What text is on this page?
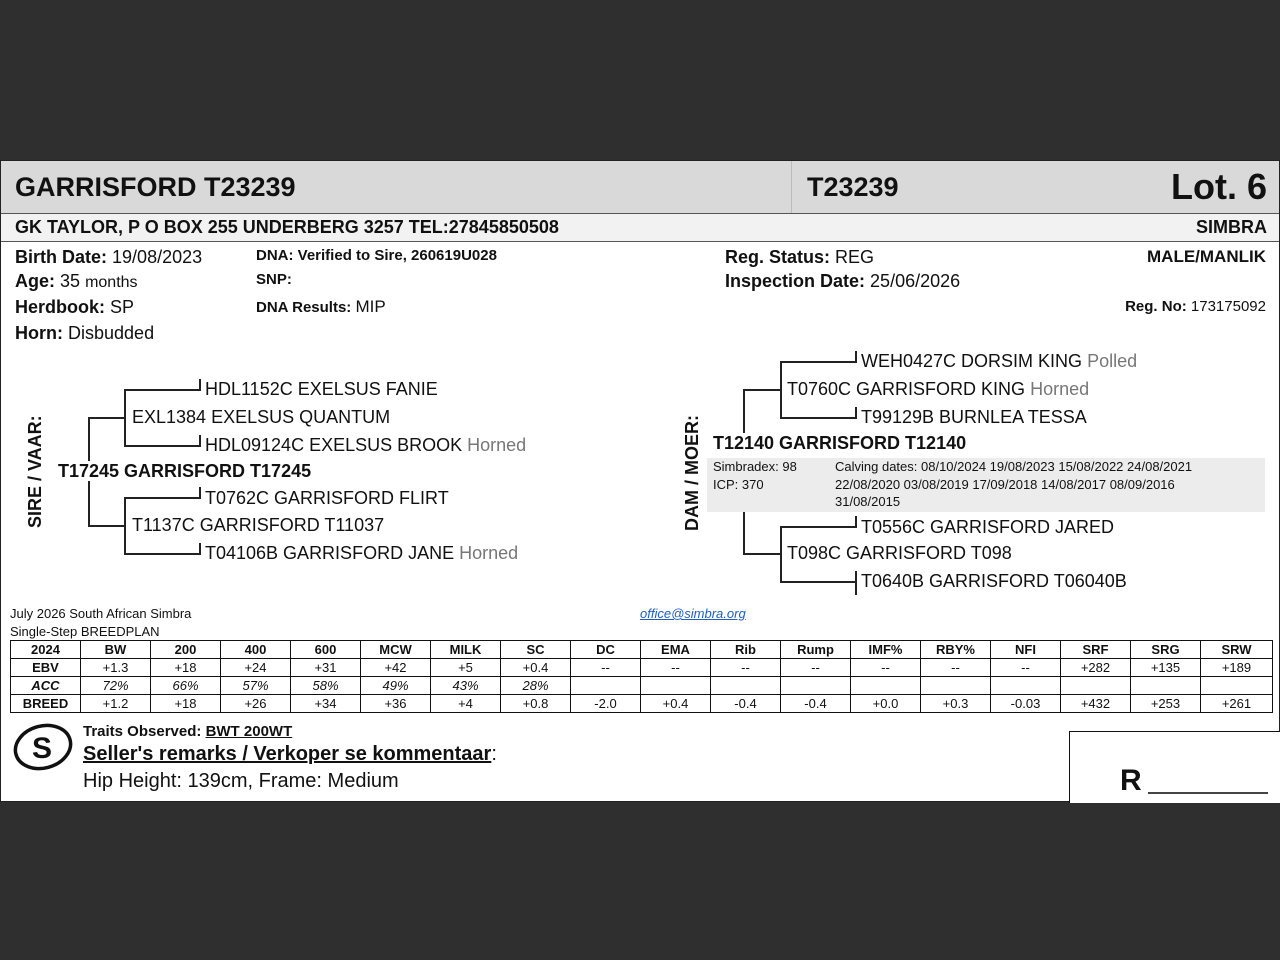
GARRISFORD T23239	T23239	Lot. 6
GK TAYLOR, P O BOX 255 UNDERBERG 3257 TEL:27845850508	SIMBRA
Birth Date: 19/08/2023
Age: 35 months
Herdbook: SP
Horn: Disbudded
DNA: Verified to Sire, 260619U028
SNP:
DNA Results: MIP
Reg. Status: REG
Inspection Date: 25/06/2026
MALE/MANLIK
Reg. No: 173175092
SIRE / VAAR:
HDL1152C EXELSUS FANIE
EXL1384 EXELSUS QUANTUM
HDL09124C EXELSUS BROOK Horned
T17245 GARRISFORD T17245
T0762C GARRISFORD FLIRT
T1137C GARRISFORD T11037
T04106B GARRISFORD JANE Horned
DAM / MOER:
WEH0427C DORSIM KING Polled
T0760C GARRISFORD KING Horned
T99129B BURNLEA TESSA
T12140 GARRISFORD T12140
Simbradex: 98
ICP: 370
Calving dates: 08/10/2024 19/08/2023 15/08/2022 24/08/2021
22/08/2020 03/08/2019 17/09/2018 14/08/2017 08/09/2016
31/08/2015
T0556C GARRISFORD JARED
T098C GARRISFORD T098
T0640B GARRISFORD T06040B
July 2026 South African Simbra
Single-Step BREEDPLAN
office@simbra.org
2024	BW	200	400	600	MCW	MILK	SC	DC	EMA	Rib	Rump	IMF%	RBY%	NFI	SRF	SRG	SRW
EBV	+1.3	+18	+24	+31	+42	+5	+0.4	--	--	--	--	--	--	--	+282	+135	+189
ACC	72%	66%	57%	58%	49%	43%	28%										
BREED	+1.2	+18	+26	+34	+36	+4	+0.8	-2.0	+0.4	-0.4	-0.4	+0.0	+0.3	-0.03	+432	+253	+261
S
Traits Observed: BWT 200WT
Seller's remarks / Verkoper se kommentaar:
Hip Height: 139cm, Frame: Medium	R
